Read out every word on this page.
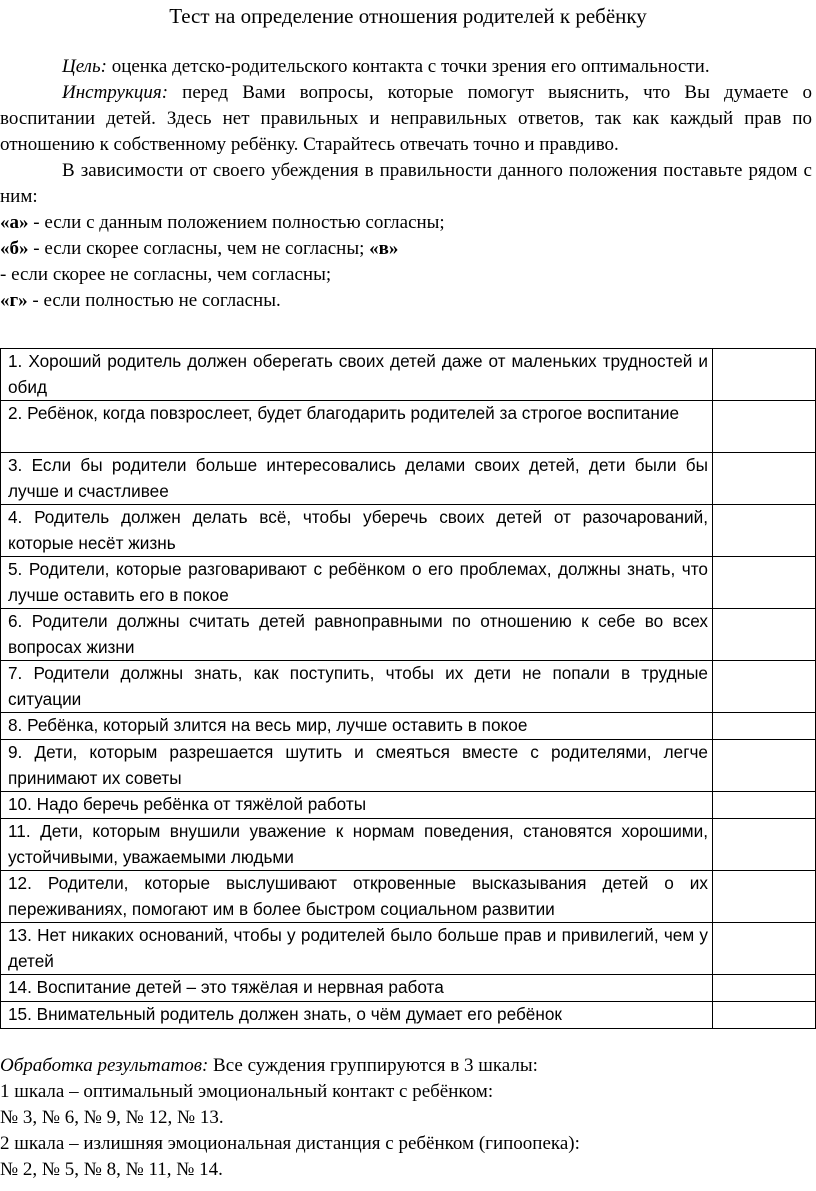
Тест на определение отношения родителей к ребёнку

Цель: оценка детско-родительского контакта с точки зрения его оптимальности.

Инструкция: перед Вами вопросы, которые помогут выяснить, что Вы думаете о воспитании детей. Здесь нет правильных и неправильных ответов, так как каждый прав по отношению к собственному ребёнку. Старайтесь отвечать точно и правдиво.

В зависимости от своего убеждения в правильности данного положения поставьте рядом с ним:

«а» - если с данным положением полностью согласны;

«б» - если скорее согласны, чем не согласны; «в»

- если скорее не согласны, чем согласны;

«г» - если полностью не согласны.

1. Хороший родитель должен оберегать своих детей даже от маленьких трудностей и обид	
2. Ребёнок, когда повзрослеет, будет благодарить родителей за строгое воспитание	
3. Если бы родители больше интересовались делами своих детей, дети были бы лучше и счастливее	
4. Родитель должен делать всё, чтобы уберечь своих детей от разочарований, которые несёт жизнь	
5. Родители, которые разговаривают с ребёнком о его проблемах, должны знать, что лучше оставить его в покое	
6. Родители должны считать детей равноправными по отношению к себе во всех вопросах жизни	
7. Родители должны знать, как поступить, чтобы их дети не попали в трудные ситуации	
8. Ребёнка, который злится на весь мир, лучше оставить в покое	
9. Дети, которым разрешается шутить и смеяться вместе с родителями, легче принимают их советы	
10. Надо беречь ребёнка от тяжёлой работы	
11. Дети, которым внушили уважение к нормам поведения, становятся хорошими, устойчивыми, уважаемыми людьми	
12. Родители, которые выслушивают откровенные высказывания детей о их переживаниях, помогают им в более быстром социальном развитии	
13. Нет никаких оснований, чтобы у родителей было больше прав и привилегий, чем у детей	
14. Воспитание детей – это тяжёлая и нервная работа	
15. Внимательный родитель должен знать, о чём думает его ребёнок	

Обработка результатов: Все суждения группируются в 3 шкалы:

1 шкала – оптимальный эмоциональный контакт с ребёнком:

№ 3, № 6, № 9, № 12, № 13.

2 шкала – излишняя эмоциональная дистанция с ребёнком (гипоопека):

№ 2, № 5, № 8, № 11, № 14.
